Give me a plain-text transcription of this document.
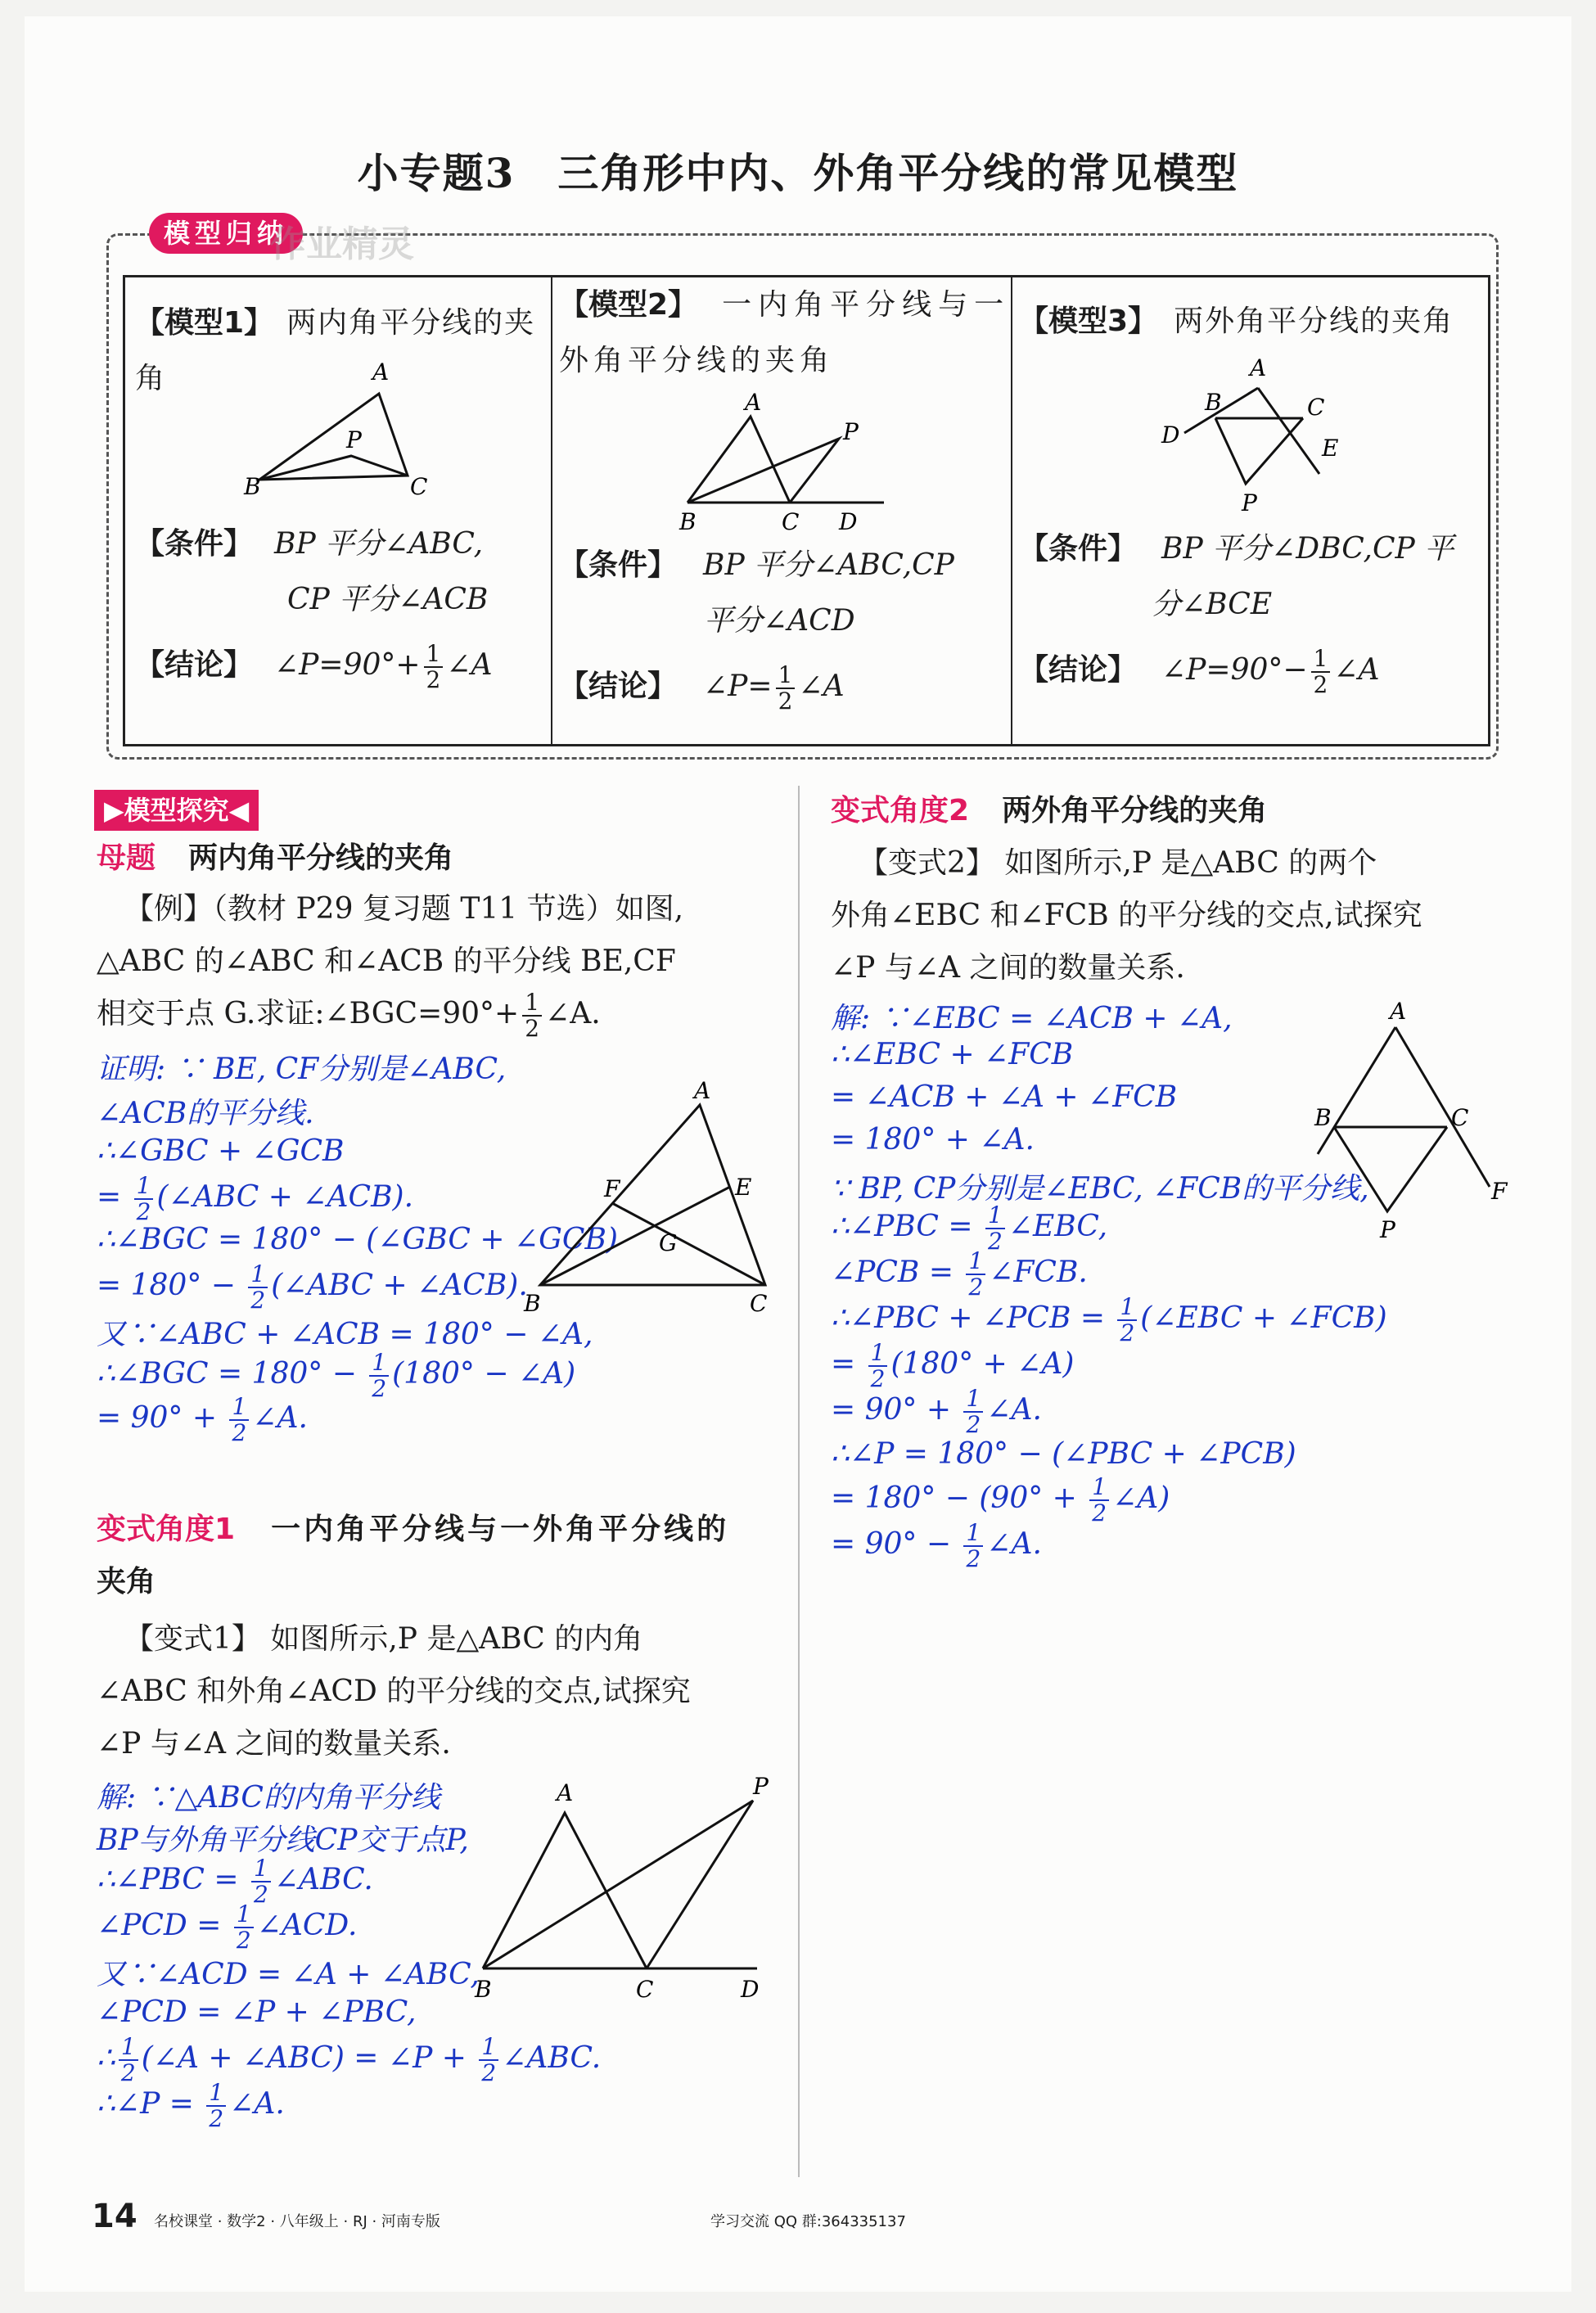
小专题3　三角形中内、外角平分线的常见模型
模型归纳
作业精灵
【模型1】 两内角平分线的夹角	A
B	C
P
【条件】 BP 平分∠ABC,
CP 平分∠ACB
【结论】 ∠P=90°+ $\frac{1}{2}$ ∠A
【模型2】 一内角平分线与一
外角平分线的夹角
A
B	C D
P
【条件】 BP 平分∠ABC,CP
平分∠ACD
【结论】 ∠P= $\frac{1}{2}$ ∠A
【模型3】 两外角平分线的夹角
A
B	C
D	E
P
【条件】 BP 平分∠DBC,CP 平
分∠BCE
【结论】 ∠P=90°− $\frac{1}{2}$ ∠A
▶模型探究◀
母题 两内角平分线的夹角
【例】（教材 P29 复习题 T11 节选）如图,
△ABC 的∠ABC 和∠ACB 的平分线 BE,CF
相交于点 G.求证:∠BGC=90°+ $\frac{1}{2}$ ∠A.
证明: ∵ BE, CF分别是∠ABC,
∠ACB的平分线.
∴∠GBC + ∠GCB
= $\frac{1}{2}$ (∠ABC + ∠ACB).
∴∠BGC = 180° − (∠GBC + ∠GCB)
= $180^\circ - \frac{1}{2}$ (∠ABC + ∠ACB).
又∵∠ABC + ∠ACB = 180° − ∠A,
∴∠BGC = $180^\circ - \frac{1}{2} (180^\circ$ − ∠A)
= $90^\circ + \frac{1}{2}$ ∠A.
变式角度1 一内角平分线与一外角平分线的
夹角
【变式1】 如图所示,P 是△ABC 的内角
∠ABC 和外角∠ACD 的平分线的交点,试探究
∠P 与∠A 之间的数量关系.
解: ∵△ABC的内角平分线
BP与外角平分线CP交于点P,
∴∠PBC = $\frac{1}{2}$ ∠ABC.
∠PCD = $\frac{1}{2}$ ∠ACD.
又∵∠ACD = ∠A + ∠ABC,
∠PCD = ∠P + ∠PBC,
∴ $\frac{1}{2}$ (∠A + ∠ABC) = ∠P + $\frac{1}{2}$ ∠ABC.
∴∠P = $\frac{1}{2}$ ∠A.
A
B	C
E
F
G
A
B	C	D
P
变式角度2 两外角平分线的夹角
【变式2】 如图所示,P 是△ABC 的两个
外角∠EBC 和∠FCB 的平分线的交点,试探究
∠P 与∠A 之间的数量关系.
解: ∵∠EBC = ∠ACB + ∠A,
∴∠EBC + ∠FCB
= ∠ACB + ∠A + ∠FCB
= 180° + ∠A.
∵ BP, CP分别是∠EBC, ∠FCB的平分线,
∴∠PBC = $\frac{1}{2}$ ∠EBC,
∠PCB = $\frac{1}{2}$ ∠FCB.
∴∠PBC + ∠PCB = $\frac{1}{2}$ (∠EBC + ∠FCB)
= $\frac{1}{2} (180^\circ$ + ∠A)
= $90^\circ + \frac{1}{2}$ ∠A.
∴∠P = 180° − (∠PBC + ∠PCB)
= $180^\circ - (90^\circ + \frac{1}{2}$ ∠A)
= $90^\circ - \frac{1}{2}$ ∠A.
A
B	C
F
P
14 名校课堂 · 数学2 · 八年级上 · RJ · 河南专版	学习交流 QQ 群:364335137
